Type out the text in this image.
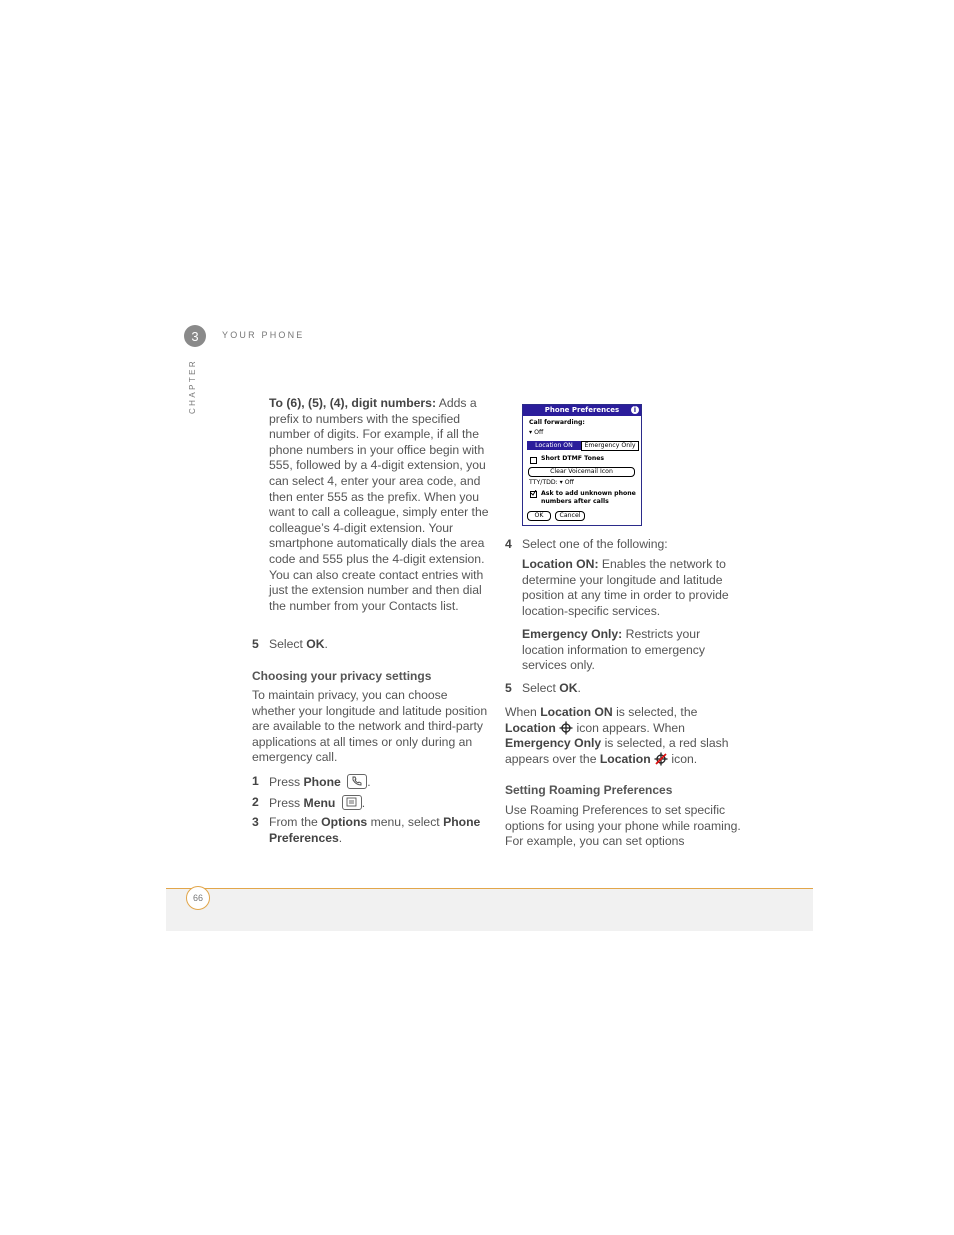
3	YOUR PHONE
CHAPTER	To (6), (5), (4), digit numbers: Adds a prefix to numbers with the specified number of digits. For example, if all the phone numbers in your office begin with 555, followed by a 4-digit extension, you can select 4, enter your area code, and then enter 555 as the prefix. When you want to call a colleague, simply enter the colleague’s 4-digit extension. Your smartphone automatically dials the area code and 555 plus the 4-digit extension. You can also create contact entries with just the extension number and then dial the number from your Contacts list.
5 Select OK.
Choosing your privacy settings
To maintain privacy, you can choose whether your longitude and latitude position are available to the network and third-party applications at all times or only during an emergency call.
1 Press Phone .
2 Press Menu .
3 From the Options menu, select Phone Preferences.
Phone Preferences	i
Call forwarding:
▾ Off
Location ON	Emergency Only
Short DTMF Tones
Clear Voicemail Icon
TTY/TDD: ▾ Off
Ask to add unknown phone
numbers after calls
OK	Cancel
4 Select one of the following:
Location ON: Enables the network to determine your longitude and latitude position at any time in order to provide location-specific services.
Emergency Only: Restricts your location information to emergency services only.
5 Select OK.
When Location ON is selected, the Location  icon appears. When Emergency Only is selected, a red slash appears over the Location  icon.
Setting Roaming Preferences
Use Roaming Preferences to set specific options for using your phone while roaming. For example, you can set options
66
